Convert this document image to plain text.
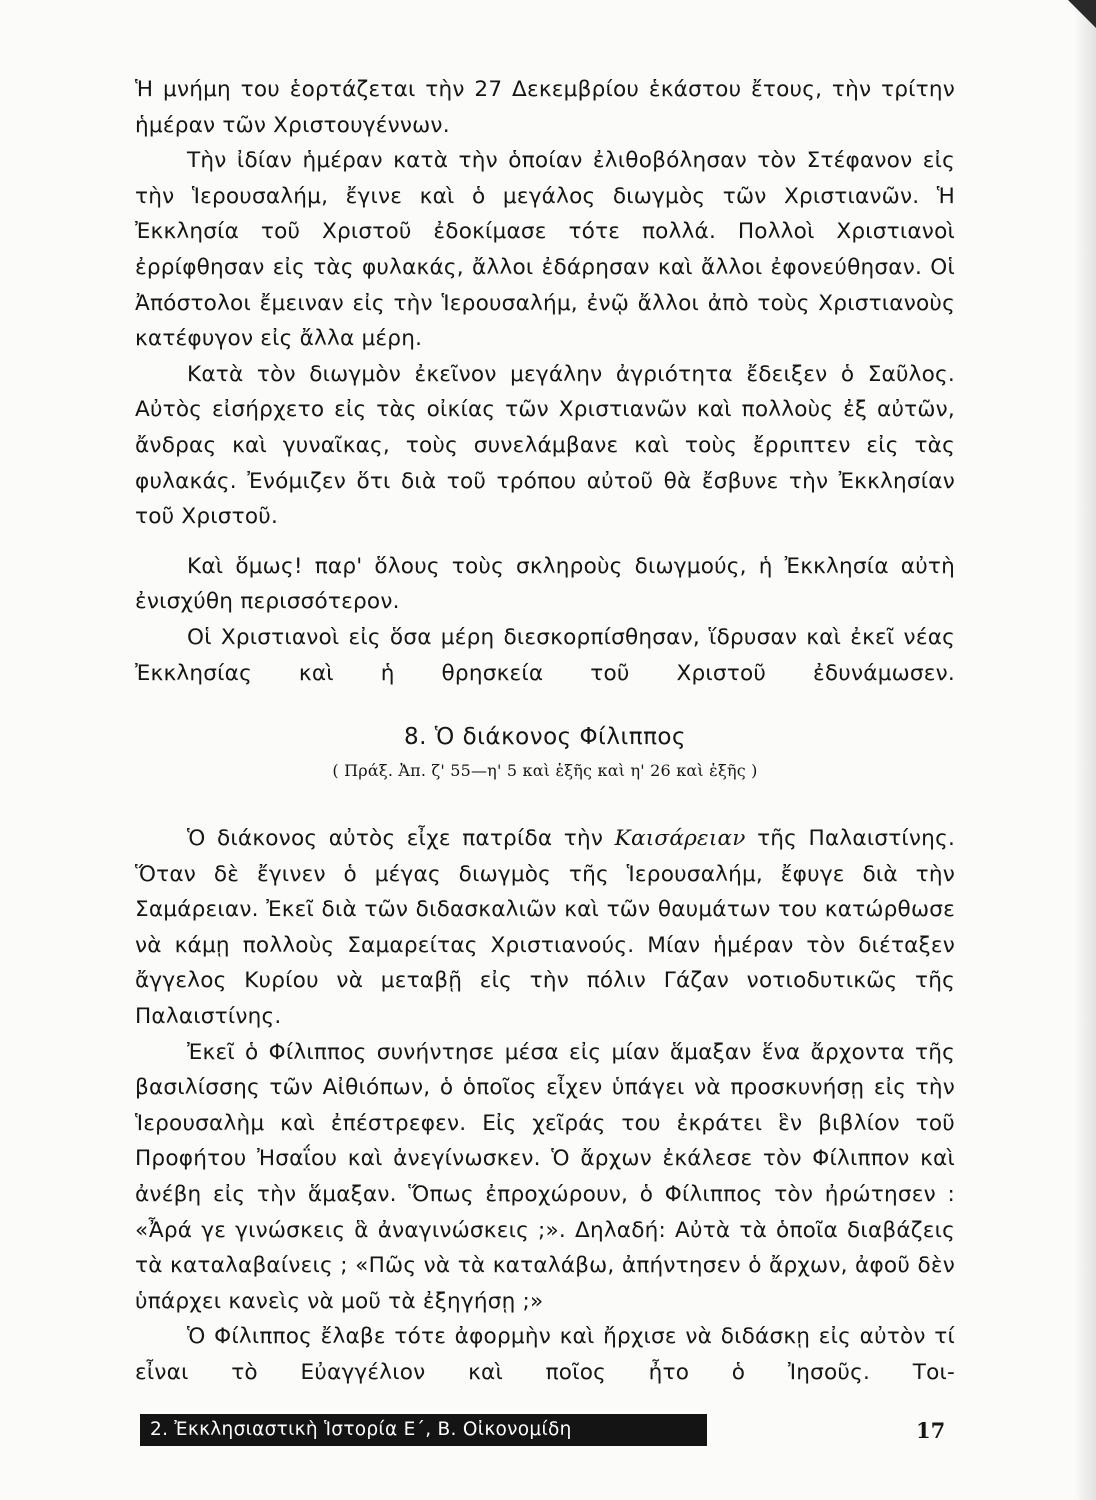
Ἡ μνήμη του ἑορτάζεται τὴν 27 Δεκεμβρίου ἑκάστου ἔτους, τὴν τρίτην ἡμέραν τῶν Χριστουγέννων.

Τὴν ἰδίαν ἡμέραν κατὰ τὴν ὁποίαν ἐλιθοβόλησαν τὸν Στέφανον εἰς τὴν Ἱερουσαλήμ, ἔγινε καὶ ὁ μεγάλος διωγμὸς τῶν Χριστιανῶν. Ἡ Ἐκκλησία τοῦ Χριστοῦ ἐδοκίμασε τότε πολλά. Πολλοὶ Χριστιανοὶ ἐρρίφθησαν εἰς τὰς φυλακάς, ἄλλοι ἐδάρησαν καὶ ἄλλοι ἐφονεύθησαν. Οἱ Ἀπόστολοι ἔμειναν εἰς τὴν Ἱερουσαλήμ, ἐνῷ ἄλλοι ἀπὸ τοὺς Χριστιανοὺς κατέφυγον εἰς ἄλλα μέρη.

Κατὰ τὸν διωγμὸν ἐκεῖνον μεγάλην ἀγριότητα ἔδειξεν ὁ Σαῦλος. Αὐτὸς εἰσήρχετο εἰς τὰς οἰκίας τῶν Χριστιανῶν καὶ πολλοὺς ἐξ αὐτῶν, ἄνδρας καὶ γυναῖκας, τοὺς συνελάμβανε καὶ τοὺς ἔρριπτεν εἰς τὰς φυλακάς. Ἐνόμιζεν ὅτι διὰ τοῦ τρόπου αὐτοῦ θὰ ἔσβυνε τὴν Ἐκκλησίαν τοῦ Χριστοῦ.

Καὶ ὅμως! παρ' ὅλους τοὺς σκληροὺς διωγμούς, ἡ Ἐκκλησία αὐτὴ ἐνισχύθη περισσότερον.

Οἱ Χριστιανοὶ εἰς ὅσα μέρη διεσκορπίσθησαν, ἵδρυσαν καὶ ἐκεῖ νέας Ἐκκλησίας καὶ ἡ θρησκεία τοῦ Χριστοῦ ἐδυνάμωσεν.

8. Ὁ διάκονος Φίλιππος
( Πράξ. Ἀπ. ζ' 55—η' 5 καὶ ἑξῆς καὶ η' 26 καὶ ἑξῆς )

Ὁ διάκονος αὐτὸς εἶχε πατρίδα τὴν Καισάρειαν τῆς Παλαιστίνης. Ὅταν δὲ ἔγινεν ὁ μέγας διωγμὸς τῆς Ἱερουσαλήμ, ἔφυγε διὰ τὴν Σαμάρειαν. Ἐκεῖ διὰ τῶν διδασκαλιῶν καὶ τῶν θαυμάτων του κατώρθωσε νὰ κάμῃ πολλοὺς Σαμαρείτας Χριστιανούς. Μίαν ἡμέραν τὸν διέταξεν ἄγγελος Κυρίου νὰ μεταβῇ εἰς τὴν πόλιν Γάζαν νοτιοδυτικῶς τῆς Παλαιστίνης.

Ἐκεῖ ὁ Φίλιππος συνήντησε μέσα εἰς μίαν ἅμαξαν ἕνα ἄρχοντα τῆς βασιλίσσης τῶν Αἰθιόπων, ὁ ὁποῖος εἶχεν ὑπάγει νὰ προσκυνήσῃ εἰς τὴν Ἱερουσαλὴμ καὶ ἐπέστρεφεν. Εἰς χεῖράς του ἐκράτει ἓν βιβλίον τοῦ Προφήτου Ἠσαΐου καὶ ἀνεγίνωσκεν. Ὁ ἄρχων ἐκάλεσε τὸν Φίλιππον καὶ ἀνέβη εἰς τὴν ἅμαξαν. Ὅπως ἐπροχώρουν, ὁ Φίλιππος τὸν ἠρώτησεν : «Ἆρά γε γινώσκεις ἃ ἀναγινώσκεις ;». Δηλαδή: Αὐτὰ τὰ ὁποῖα διαβάζεις τὰ καταλαβαίνεις ; «Πῶς νὰ τὰ καταλάβω, ἀπήντησεν ὁ ἄρχων, ἀφοῦ δὲν ὑπάρχει κανεὶς νὰ μοῦ τὰ ἐξηγήσῃ ;»

Ὁ Φίλιππος ἔλαβε τότε ἀφορμὴν καὶ ἤρχισε νὰ διδάσκῃ εἰς αὐτὸν τί εἶναι τὸ Εὐαγγέλιον καὶ ποῖος ἦτο ὁ Ἰησοῦς. Τοι-

2. Ἐκκλησιαστικὴ Ἱστορία Ε΄, Β. Οἰκονομίδη	17
